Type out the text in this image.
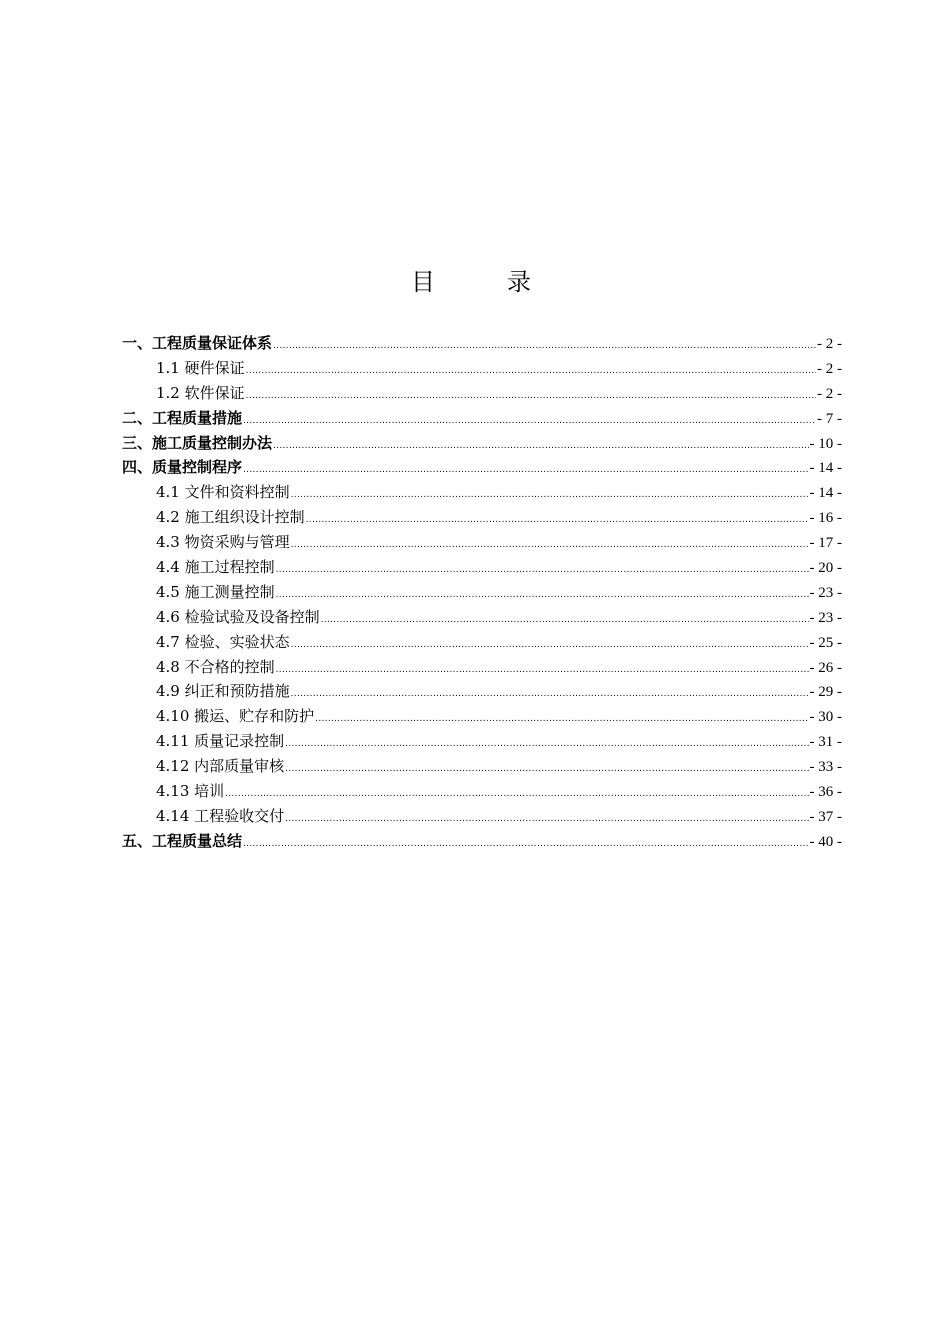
目　录
一、工程质量保证体系 .....	- 2 -
1.1 硬件保证 .....	- 2 -
1.2 软件保证 .....	- 2 -
二、工程质量措施 .....	- 7 -
三、施工质量控制办法 .....	- 10 -
四、质量控制程序 .....	- 14 -
4.1 文件和资料控制 .....	- 14 -
4.2 施工组织设计控制 .....	- 16 -
4.3 物资采购与管理 .....	- 17 -
4.4 施工过程控制 .....	- 20 -
4.5 施工测量控制 .....	- 23 -
4.6 检验试验及设备控制 .....	- 23 -
4.7 检验、实验状态 .....	- 25 -
4.8 不合格的控制 .....	- 26 -
4.9 纠正和预防措施 .....	- 29 -
4.10 搬运、贮存和防护 .....	- 30 -
4.11 质量记录控制 .....	- 31 -
4.12 内部质量审核 .....	- 33 -
4.13 培训 .....	- 36 -
4.14 工程验收交付 .....	- 37 -
五、工程质量总结 .....	- 40 -
